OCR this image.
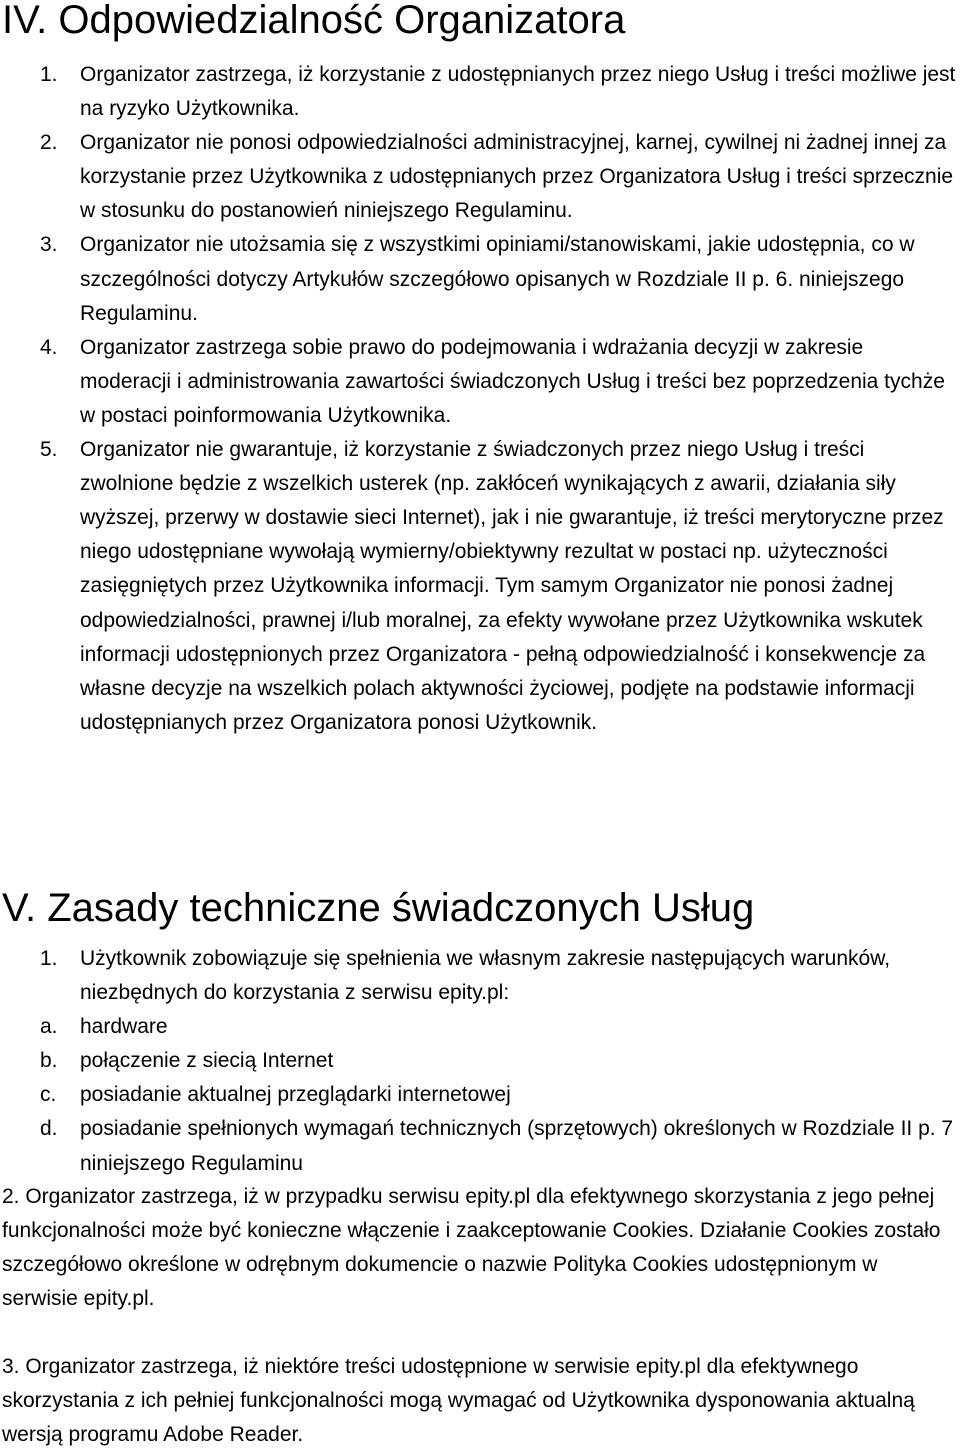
IV. Odpowiedzialność Organizatora
1.	Organizator zastrzega, iż korzystanie z udostępnianych przez niego Usług i treści możliwe jest na ryzyko Użytkownika.
2.	Organizator nie ponosi odpowiedzialności administracyjnej, karnej, cywilnej ni żadnej innej za korzystanie przez Użytkownika z udostępnianych przez Organizatora Usług i treści sprzecznie w stosunku do postanowień niniejszego Regulaminu.
3.	Organizator nie utożsamia się z wszystkimi opiniami/stanowiskami, jakie udostępnia, co w szczególności dotyczy Artykułów szczegółowo opisanych w Rozdziale II p. 6. niniejszego Regulaminu.
4.	Organizator zastrzega sobie prawo do podejmowania i wdrażania decyzji w zakresie moderacji i administrowania zawartości świadczonych Usług i treści bez poprzedzenia tychże w postaci poinformowania Użytkownika.
5.	Organizator nie gwarantuje, iż korzystanie z świadczonych przez niego Usług i treści zwolnione będzie z wszelkich usterek (np. zakłóceń wynikających z awarii, działania siły wyższej, przerwy w dostawie sieci Internet), jak i nie gwarantuje, iż treści merytoryczne przez niego udostępniane wywołają wymierny/obiektywny rezultat w postaci np. użyteczności zasięgniętych przez Użytkownika informacji. Tym samym Organizator nie ponosi żadnej odpowiedzialności, prawnej i/lub moralnej, za efekty wywołane przez Użytkownika wskutek informacji udostępnionych przez Organizatora - pełną odpowiedzialność i konsekwencje za własne decyzje na wszelkich polach aktywności życiowej, podjęte na podstawie informacji udostępnianych przez Organizatora ponosi Użytkownik.
V. Zasady techniczne świadczonych Usług
1.	Użytkownik zobowiązuje się spełnienia we własnym zakresie następujących warunków, niezbędnych do korzystania z serwisu epity.pl:
a.	hardware
b.	połączenie z siecią Internet
c.	posiadanie aktualnej przeglądarki internetowej
d.	posiadanie spełnionych wymagań technicznych (sprzętowych) określonych w Rozdziale II p. 7 niniejszego Regulaminu

2. Organizator zastrzega, iż w przypadku serwisu epity.pl dla efektywnego skorzystania z jego pełnej funkcjonalności może być konieczne włączenie i zaakceptowanie Cookies. Działanie Cookies zostało szczegółowo określone w odrębnym dokumencie o nazwie Polityka Cookies udostępnionym w serwisie epity.pl.

3. Organizator zastrzega, iż niektóre treści udostępnione w serwisie epity.pl dla efektywnego skorzystania z ich pełniej funkcjonalności mogą wymagać od Użytkownika dysponowania aktualną wersją programu Adobe Reader.
